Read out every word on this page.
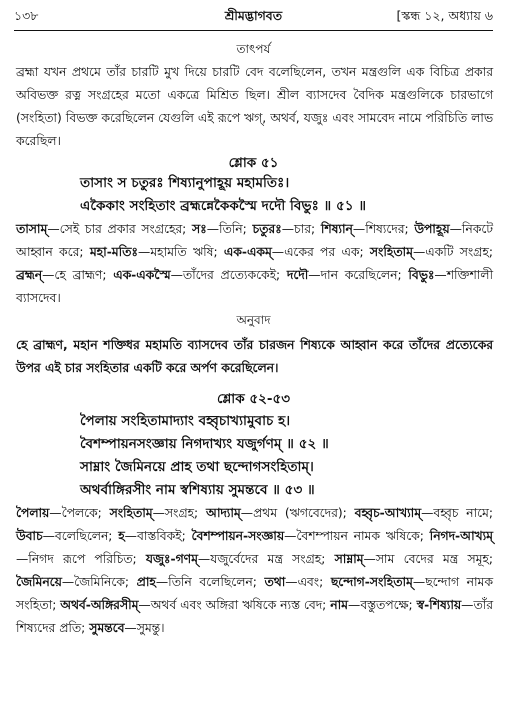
১৩৮	শ্রীমদ্ভাগবত	[স্কন্ধ ১২, অধ্যায় ৬
তাৎপর্য

ব্রহ্মা যখন প্রথমে তাঁর চারটি মুখ দিয়ে চারটি বেদ বলেছিলেন, তখন মন্ত্রগুলি এক বিচিত্র প্রকার অবিভক্ত রত্ন সংগ্রহের মতো একত্রে মিশ্রিত ছিল। শ্রীল ব্যাসদেব বৈদিক মন্ত্রগুলিকে চারভাগে (সংহিতা) বিভক্ত করেছিলেন যেগুলি এই রূপে ঋগ্, অথর্ব, যজুঃ এবং সামবেদ নামে পরিচিতি লাভ করেছিল।

শ্লোক ৫১
তাসাং স চতুরঃ শিষ্যানুপাহূয় মহামতিঃ।
একৈকাং সংহিতাং ব্রহ্মন্নেকৈকস্মৈ দদৌ বিভুঃ ॥ ৫১ ॥

তাসাম্—সেই চার প্রকার সংগ্রহের; সঃ—তিনি; চতুরঃ—চার; শিষ্যান্—শিষ্যদের; উপাহূয়—নিকটে আহ্বান করে; মহা-মতিঃ—মহামতি ঋষি; এক-একম্—একের পর এক; সংহিতাম্—একটি সংগ্রহ; ব্রহ্মন্—হে ব্রাহ্মণ; এক-একস্মৈ—তাঁদের প্রত্যেককেই; দদৌ—দান করেছিলেন; বিভুঃ—শক্তিশালী ব্যাসদেব।

অনুবাদ

হে ব্রাহ্মণ, মহান শক্তিধর মহামতি ব্যাসদেব তাঁর চারজন শিষ্যকে আহ্বান করে তাঁদের প্রত্যেকের উপর এই চার সংহিতার একটি করে অর্পণ করেছিলেন।

শ্লোক ৫২-৫৩
পৈলায় সংহিতামাদ্যাং বহ্বৃচাখ্যামুবাচ হ।
বৈশম্পায়নসংজ্ঞায় নিগদাখ্যং যজুর্গণম্ ॥ ৫২ ॥
সাম্নাং জৈমিনয়ে প্রাহ তথা ছন্দোগসংহিতাম্।
অথর্বাঙ্গিরসীং নাম স্বশিষ্যায় সুমন্তবে ॥ ৫৩ ॥

পৈলায়—পৈলকে; সংহিতাম্—সংগ্রহ; আদ্যাম্—প্রথম (ঋগবেদের); বহ্বৃচ-আখ্যাম্—বহ্বৃচ নামে; উবাচ—বলেছিলেন; হ—বাস্তবিকই; বৈশম্পায়ন-সংজ্ঞায়—বৈশম্পায়ন নামক ঋষিকে; নিগদ-আখ্যম্—নিগদ রূপে পরিচিত; যজুঃ-গণম্—যজুর্বেদের মন্ত্র সংগ্রহ; সাম্নাম্—সাম বেদের মন্ত্র সমূহ; জৈমিনয়ে—জৈমিনিকে; প্রাহ—তিনি বলেছিলেন; তথা—এবং; ছন্দোগ-সংহিতাম্—ছন্দোগ নামক সংহিতা; অথর্ব-অঙ্গিরসীম্—অথর্ব এবং অঙ্গিরা ঋষিকে ন্যস্ত বেদ; নাম—বস্তুতপক্ষে; স্ব-শিষ্যায়—তাঁর শিষ্যদের প্রতি; সুমন্তবে—সুমন্তু।
